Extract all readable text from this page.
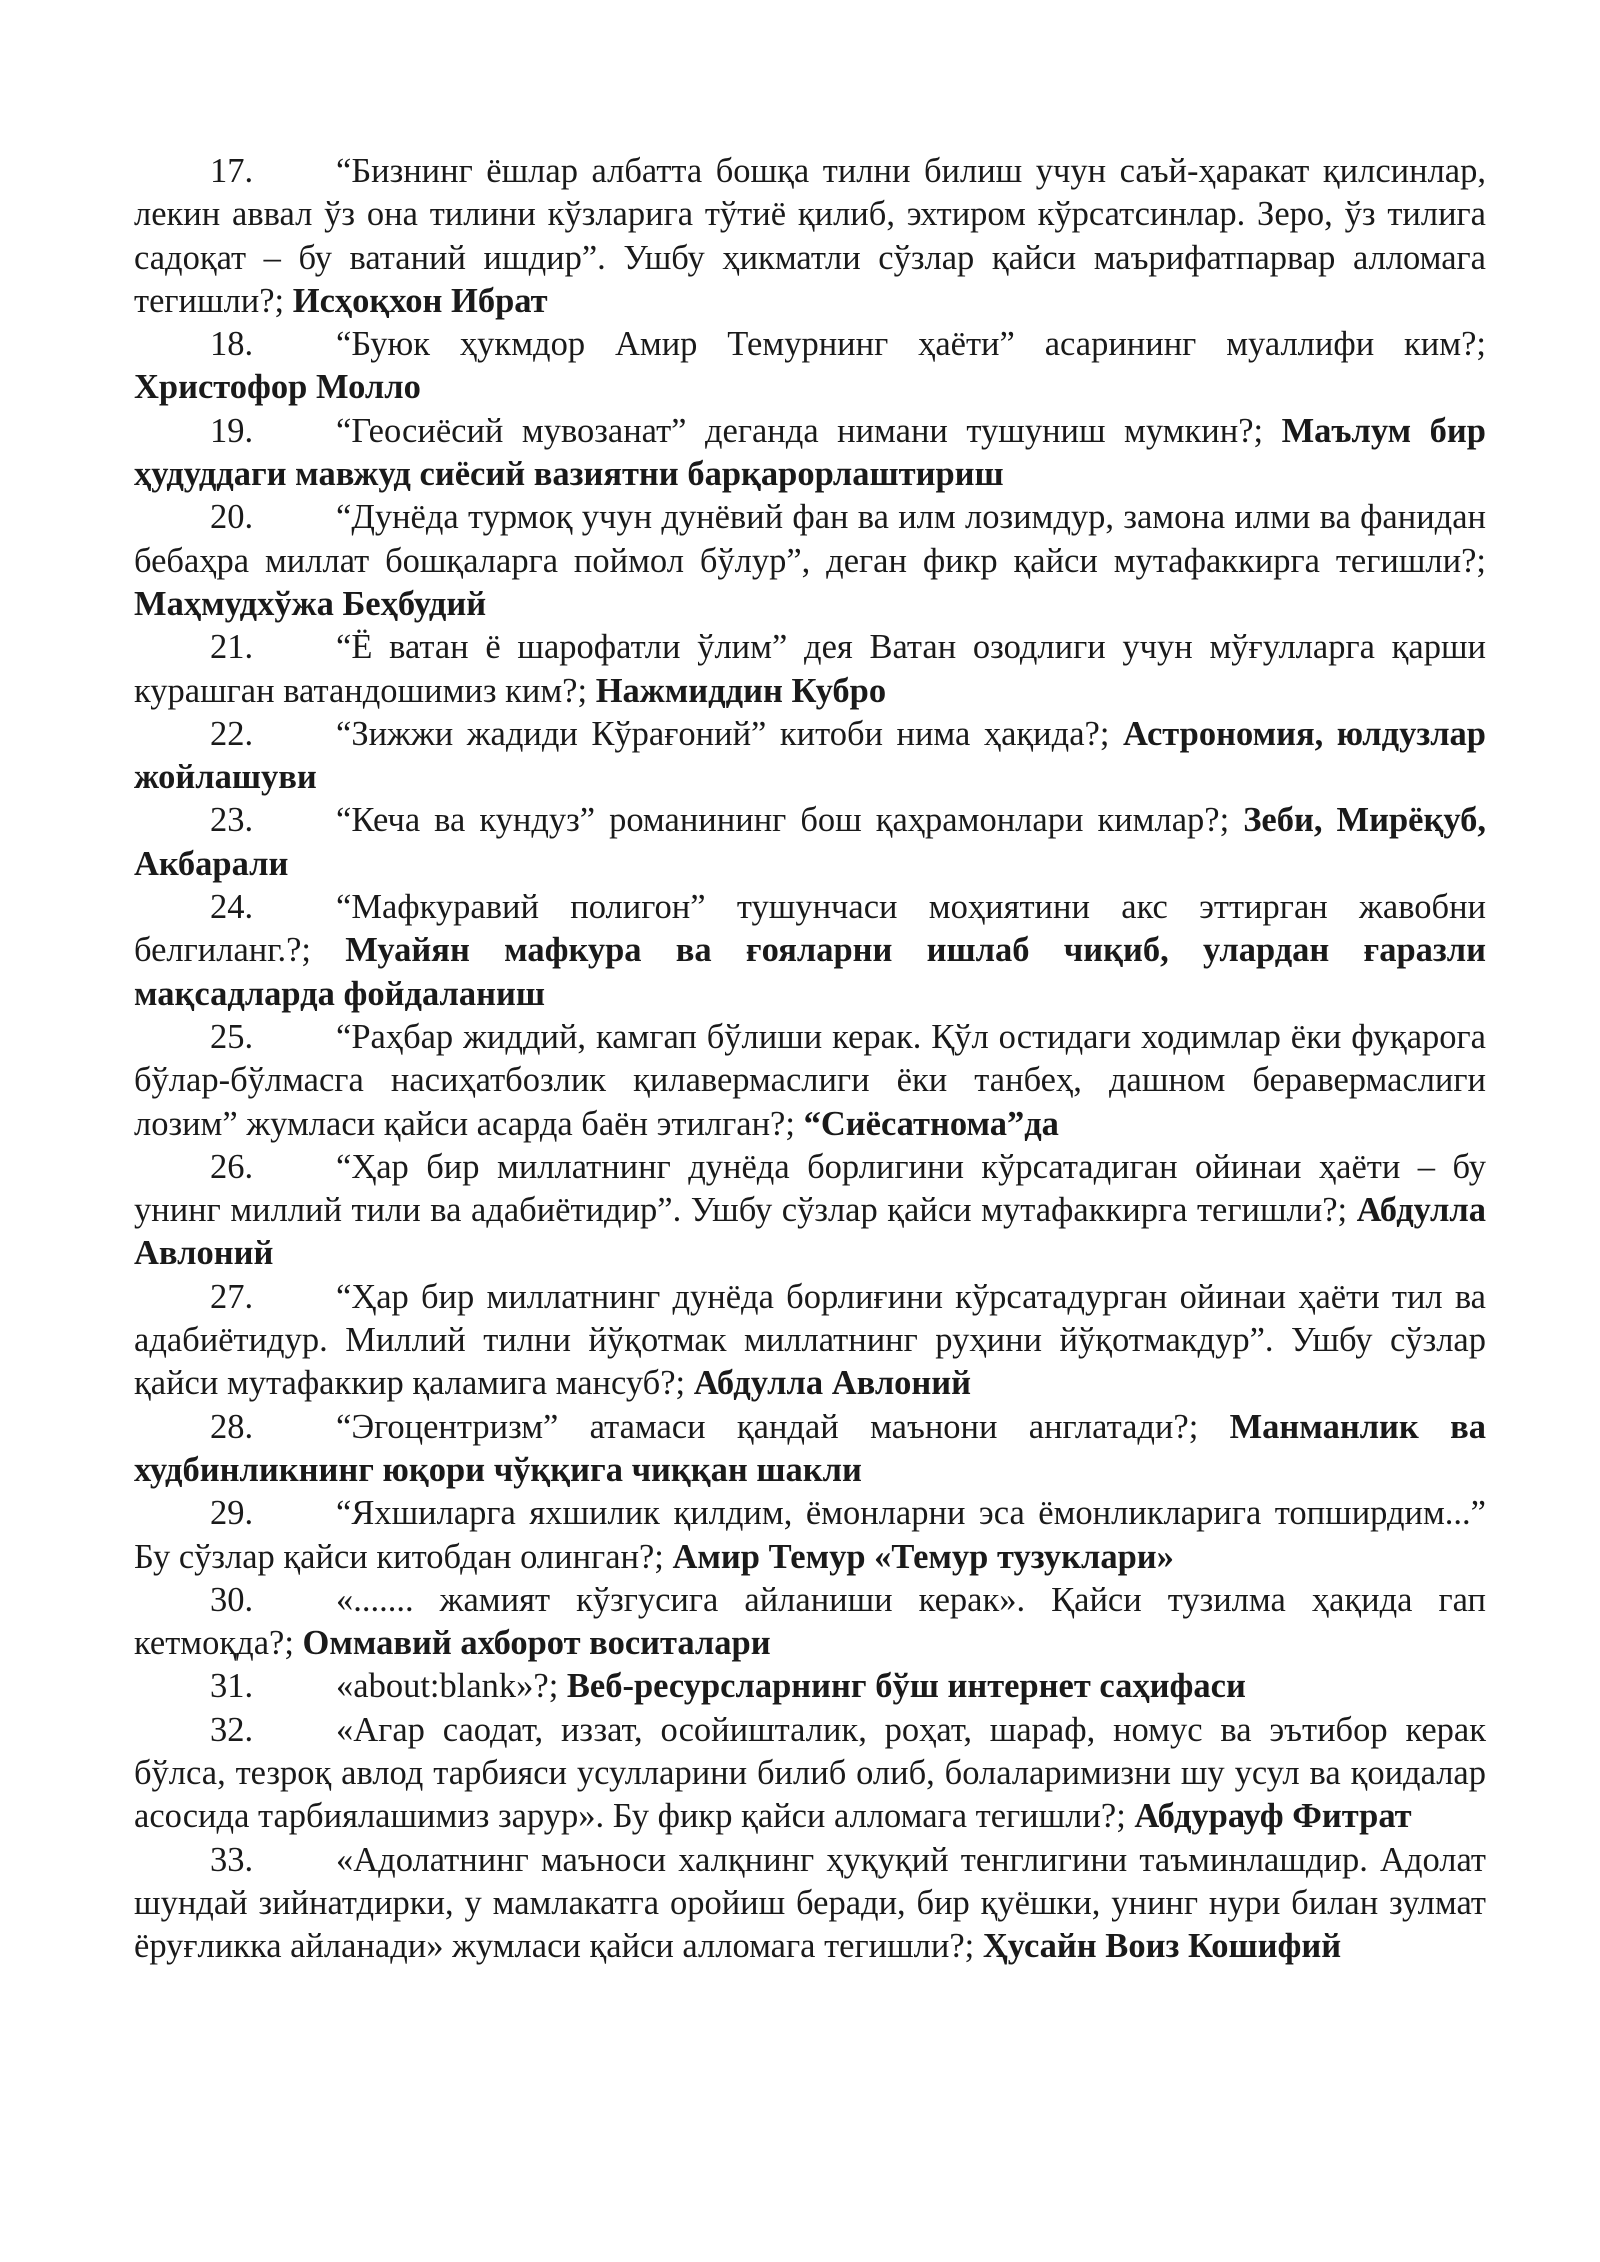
17. “Бизнинг ёшлар албатта бошқа тилни билиш учун саъй-ҳаракат қилсинлар, лекин аввал ўз она тилини кўзларига тўтиё қилиб, эхтиром кўрсатсинлар. Зеро, ўз тилига садоқат – бу ватаний ишдир”. Ушбу ҳикматли сўзлар қайси маърифатпарвар алломага тегишли?; Исҳоқхон Ибрат

18. “Буюк ҳукмдор Амир Темурнинг ҳаёти” асарининг муаллифи ким?; Христофор Молло

19. “Геосиёсий мувозанат” деганда нимани тушуниш мумкин?; Маълум бир ҳудуддаги мавжуд сиёсий вазиятни барқарорлаштириш

20. “Дунёда турмоқ учун дунёвий фан ва илм лозимдур, замона илми ва фанидан бебаҳра миллат бошқаларга поймол бўлур”, деган фикр қайси мутафаккирга тегишли?; Маҳмудхўжа Беҳбудий

21. “Ё ватан ё шарофатли ўлим” дея Ватан озодлиги учун мўғулларга қарши курашган ватандошимиз ким?; Нажмиддин Кубро

22. “Зижжи жадиди Кўрағоний” китоби нима ҳақида?; Астрономия, юлдузлар жойлашуви

23. “Кеча ва кундуз” романининг бош қаҳрамонлари кимлар?; Зеби, Мирёқуб, Акбарали

24. “Мафкуравий полигон” тушунчаси моҳиятини акс эттирган жавобни белгиланг.?; Муайян мафкура ва ғояларни ишлаб чиқиб, улардан ғаразли мақсадларда фойдаланиш

25. “Раҳбар жиддий, камгап бўлиши керак. Қўл остидаги ходимлар ёки фуқарога бўлар-бўлмасга насиҳатбозлик қилавермаслиги ёки танбеҳ, дашном беравермаслиги лозим” жумласи қайси асарда баён этилган?; “Сиёсатнома”да

26. “Ҳар бир миллатнинг дунёда борлигини кўрсатадиган ойинаи ҳаёти – бу унинг миллий тили ва адабиётидир”. Ушбу сўзлар қайси мутафаккирга тегишли?; Абдулла Авлоний

27. “Ҳар бир миллатнинг дунёда борлиғини кўрсатадурган ойинаи ҳаёти тил ва адабиётидур. Миллий тилни йўқотмак миллатнинг руҳини йўқотмакдур”. Ушбу сўзлар қайси мутафаккир қаламига мансуб?; Абдулла Авлоний

28. “Эгоцентризм” атамаси қандай маънони англатади?; Манманлик ва худбинликнинг юқори чўққига чиққан шакли

29. “Яхшиларга яхшилик қилдим, ёмонларни эса ёмонликларига топширдим...” Бу сўзлар қайси китобдан олинган?; Амир Темур «Темур тузуклари»

30. «....... жамият кўзгусига айланиши керак». Қайси тузилма ҳақида гап кетмоқда?; Оммавий ахборот воситалари

31. «about:blank»?; Веб-ресурсларнинг бўш интернет саҳифаси

32. «Агар саодат, иззат, осойишталик, роҳат, шараф, номус ва эътибор керак бўлса, тезроқ авлод тарбияси усулларини билиб олиб, болаларимизни шу усул ва қоидалар асосида тарбиялашимиз зарур». Бу фикр қайси алломага тегишли?; Абдурауф Фитрат

33. «Адолатнинг маъноси халқнинг ҳуқуқий тенглигини таъминлашдир. Адолат шундай зийнатдирки, у мамлакатга оройиш беради, бир қуёшки, унинг нури билан зулмат ёруғликка айланади» жумласи қайси алломага тегишли?; Ҳусайн Воиз Кошифий
